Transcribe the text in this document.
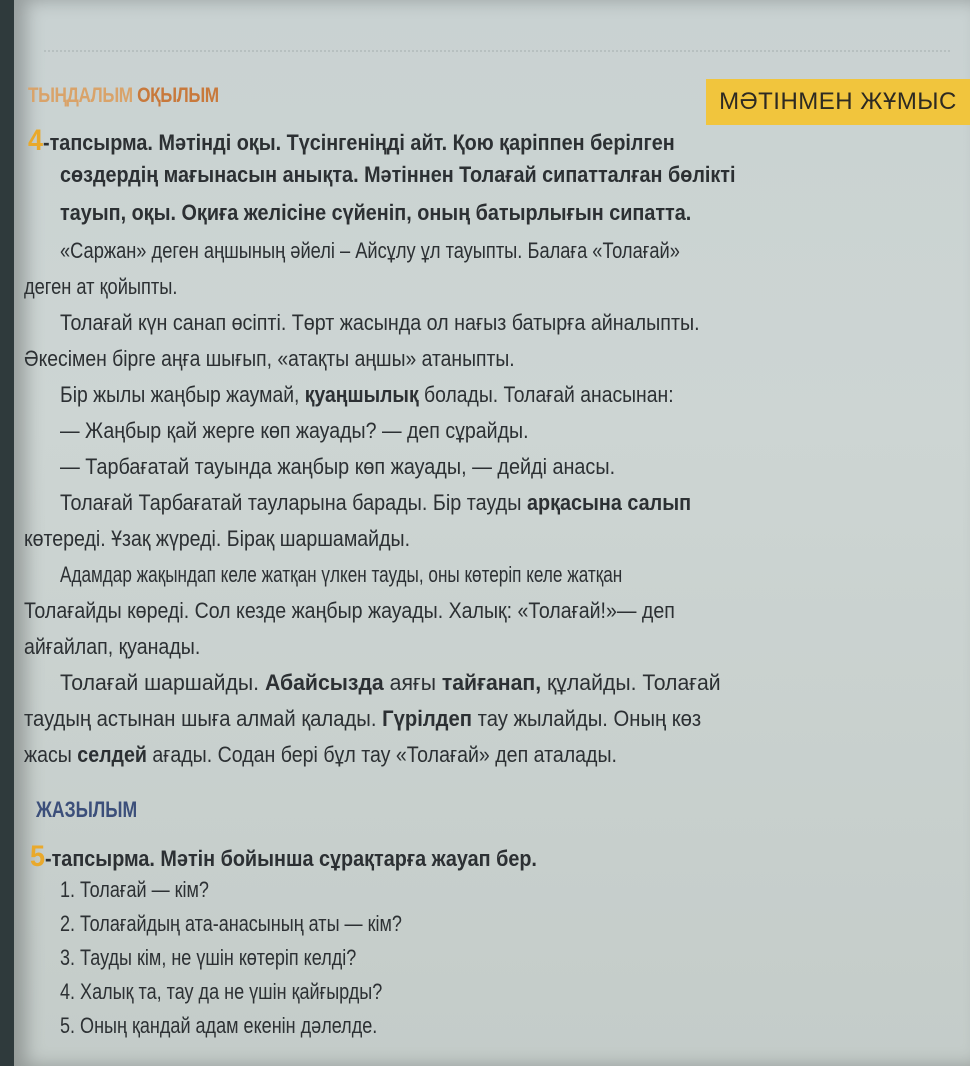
ТЫҢДАЛЫМ ОҚЫЛЫМ	МӘТІНМЕН ЖҰМЫС
4-тапсырма. Мәтінді оқы. Түсінгеніңді айт. Қою қаріппен берілген
сөздердің мағынасын анықта. Мәтіннен Толағай сипатталған бөлікті
тауып, оқы. Оқиға желісіне сүйеніп, оның батырлығын сипатта.
«Саржан» деген аңшының әйелі – Айсұлу ұл тауыпты. Балаға «Толағай»
деген ат қойыпты.
Толағай күн санап өсіпті. Төрт жасында ол нағыз батырға айналыпты.
Әкесімен бірге аңға шығып, «атақты аңшы» атаныпты.
Бір жылы жаңбыр жаумай, қуаңшылық болады. Толағай анасынан:
— Жаңбыр қай жерге көп жауады? — деп сұрайды.
— Тарбағатай тауында жаңбыр көп жауады, — дейді анасы.
Толағай Тарбағатай тауларына барады. Бір тауды арқасына салып
көтереді. Ұзақ жүреді. Бірақ шаршамайды.
Адамдар жақындап келе жатқан үлкен тауды, оны көтеріп келе жатқан
Толағайды көреді. Сол кезде жаңбыр жауады. Халық: «Толағай!»— деп
айғайлап, қуанады.
Толағай шаршайды. Абайсызда аяғы тайғанап, құлайды. Толағай
таудың астынан шыға алмай қалады. Гүрілдеп тау жылайды. Оның көз
жасы селдей ағады. Содан бері бұл тау «Толағай» деп аталады.
ЖАЗЫЛЫМ
5-тапсырма. Мәтін бойынша сұрақтарға жауап бер.
1. Толағай — кім?
2. Толағайдың ата-анасының аты — кім?
3. Тауды кім, не үшін көтеріп келді?
4. Халық та, тау да не үшін қайғырды?
5. Оның қандай адам екенін дәлелде.
